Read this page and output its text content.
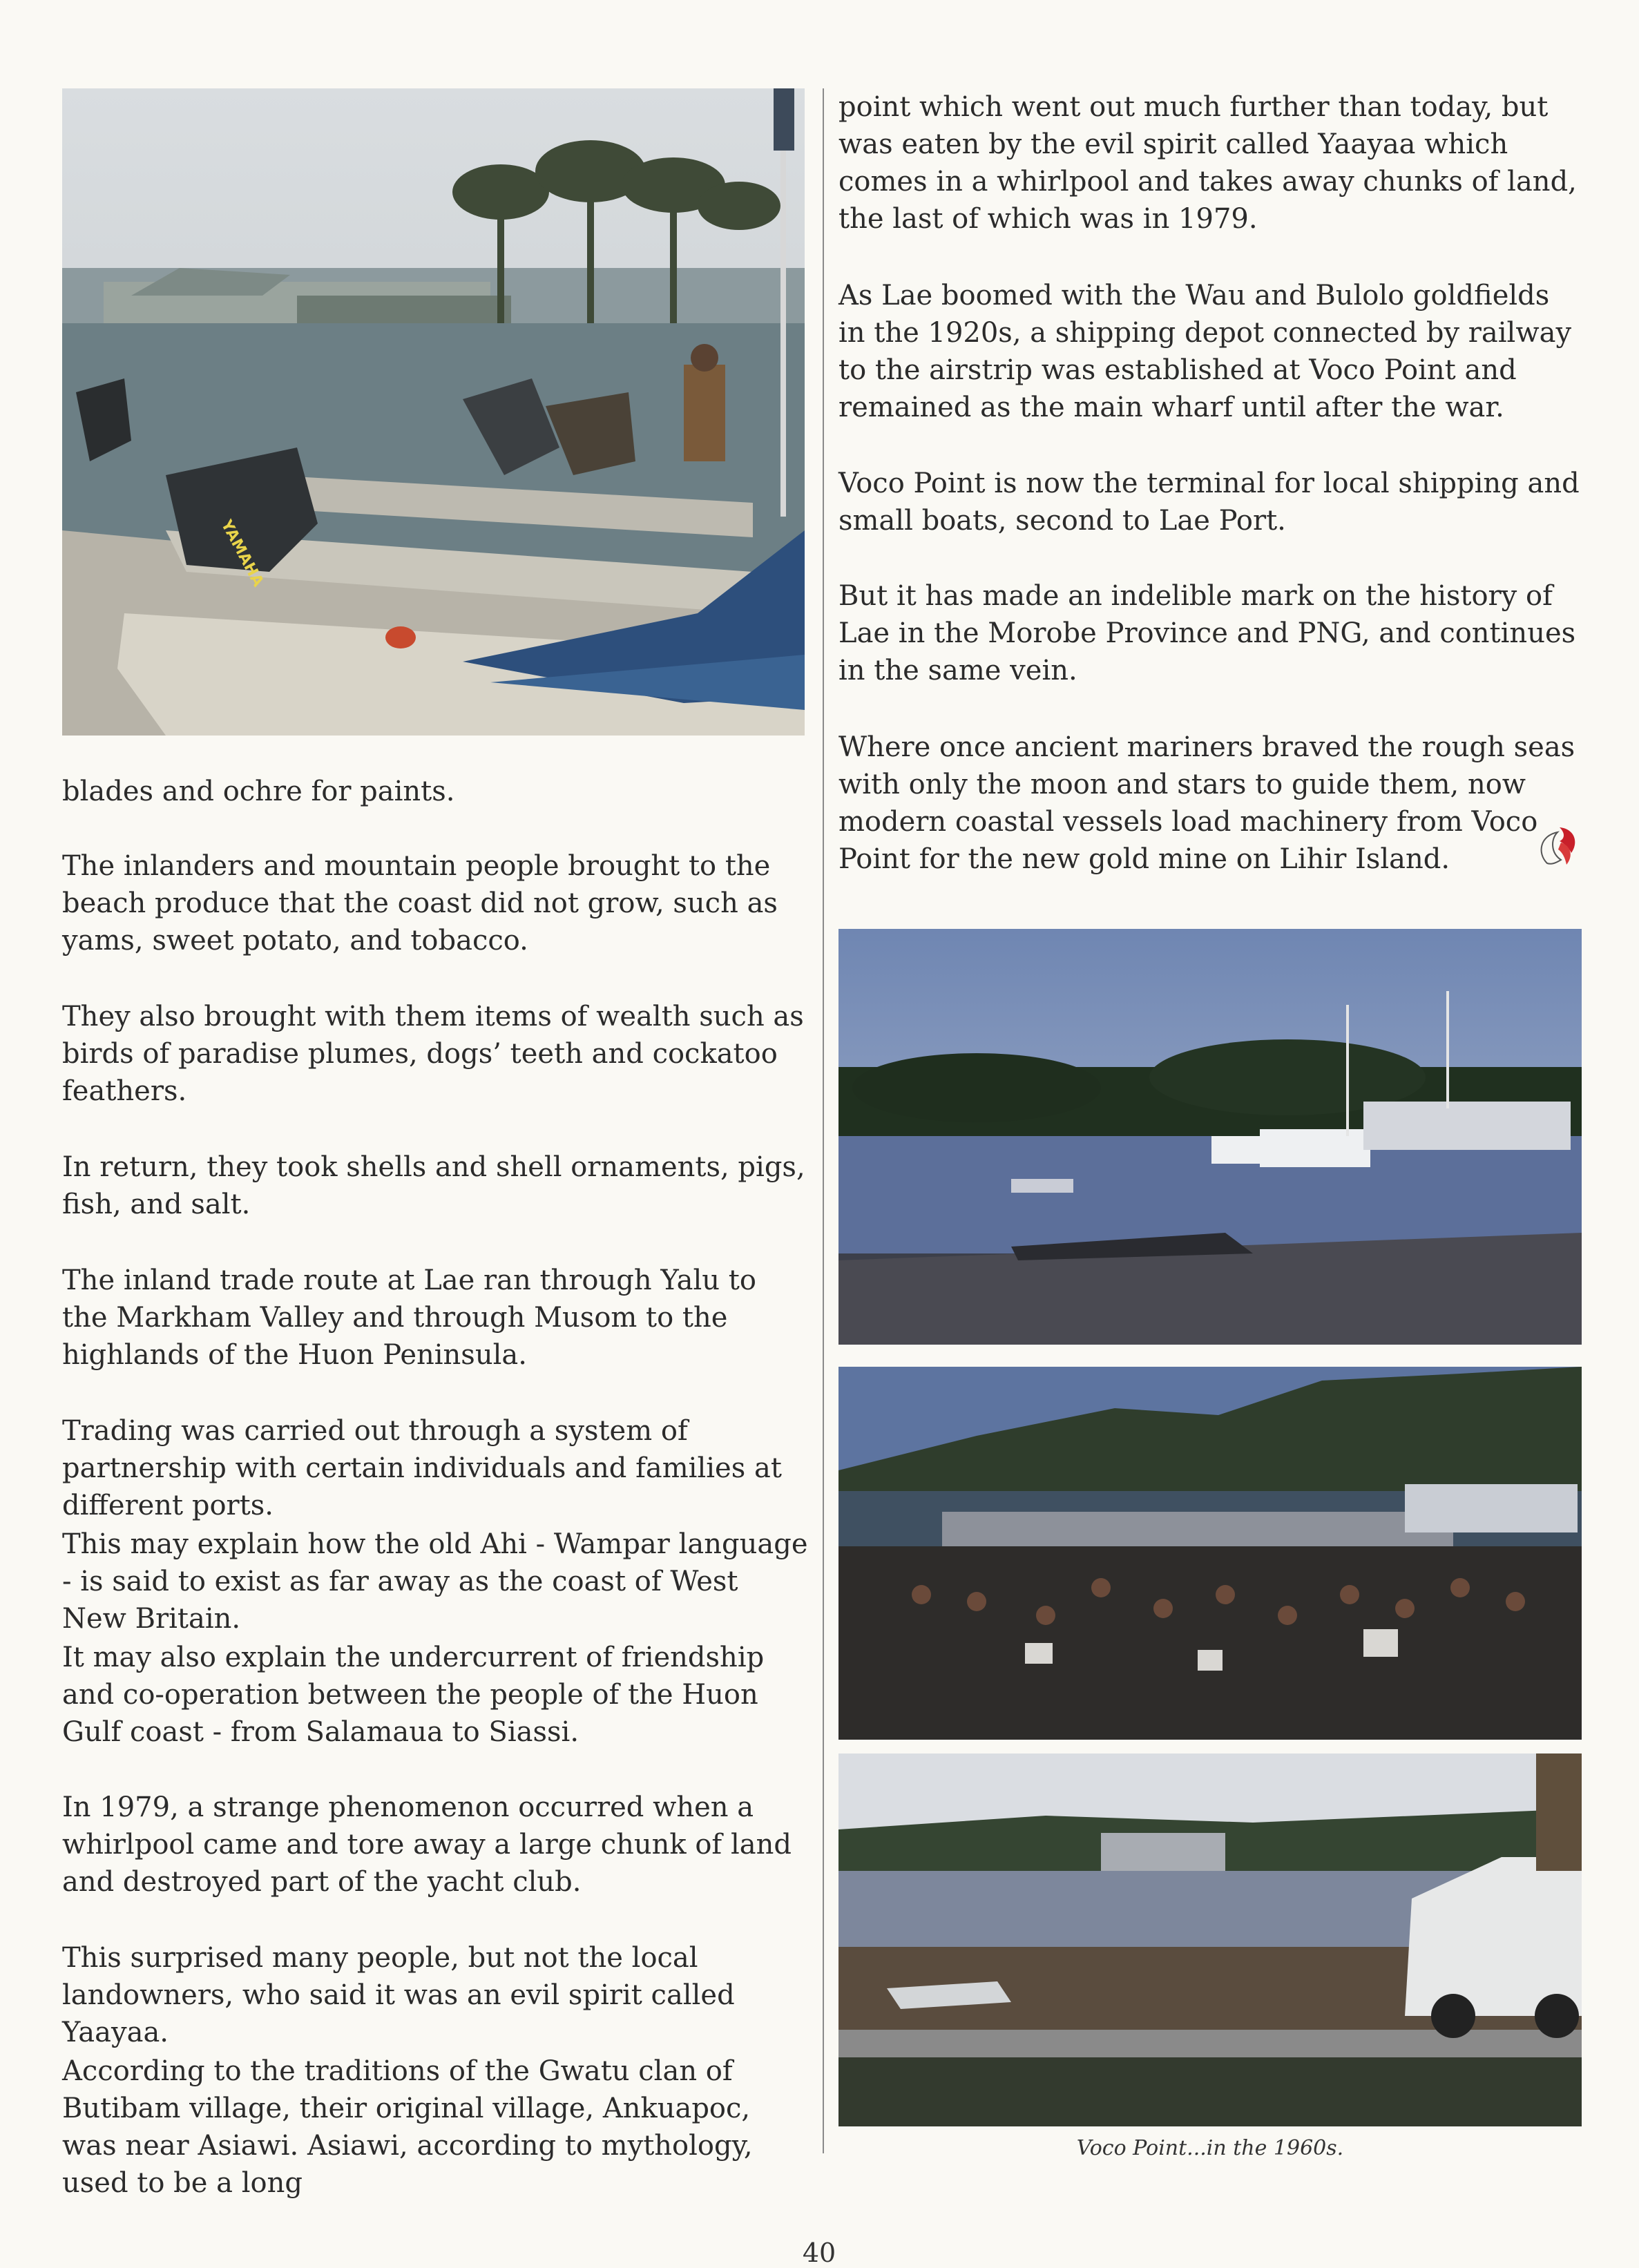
YAMAHA

blades and ochre for paints.

The inlanders and mountain people brought to the beach produce that the coast did not grow, such as yams, sweet potato, and tobacco.

They also brought with them items of wealth such as birds of paradise plumes, dogs’ teeth and cockatoo feathers.

In return, they took shells and shell ornaments, pigs, fish, and salt.

The inland trade route at Lae ran through Yalu to the Markham Valley and through Musom to the highlands of the Huon Peninsula.

Trading was carried out through a system of partnership with certain individuals and families at different ports.

This may explain how the old Ahi - Wampar language - is said to exist as far away as the coast of West New Britain.

It may also explain the undercurrent of friendship and co-operation between the people of the Huon Gulf coast - from Salamaua to Siassi.

In 1979, a strange phenomenon occurred when a whirlpool came and tore away a large chunk of land and destroyed part of the yacht club.

This surprised many people, but not the local landowners, who said it was an evil spirit called Yaayaa.

According to the traditions of the Gwatu clan of Butibam village, their original village, Ankuapoc, was near Asiawi. Asiawi, according to mythology, used to be a long

point which went out much further than today, but was eaten by the evil spirit called Yaayaa which comes in a whirlpool and takes away chunks of land, the last of which was in 1979.

As Lae boomed with the Wau and Bulolo goldfields in the 1920s, a shipping depot connected by railway to the airstrip was established at Voco Point and remained as the main wharf until after the war.

Voco Point is now the terminal for local shipping and small boats, second to Lae Port.

But it has made an indelible mark on the history of Lae in the Morobe Province and PNG, and continues in the same vein.

Where once ancient mariners braved the rough seas with only the moon and stars to guide them, now modern coastal vessels load machinery from Voco Point for the new gold mine on Lihir Island.

Voco Point...in the 1960s.
40
